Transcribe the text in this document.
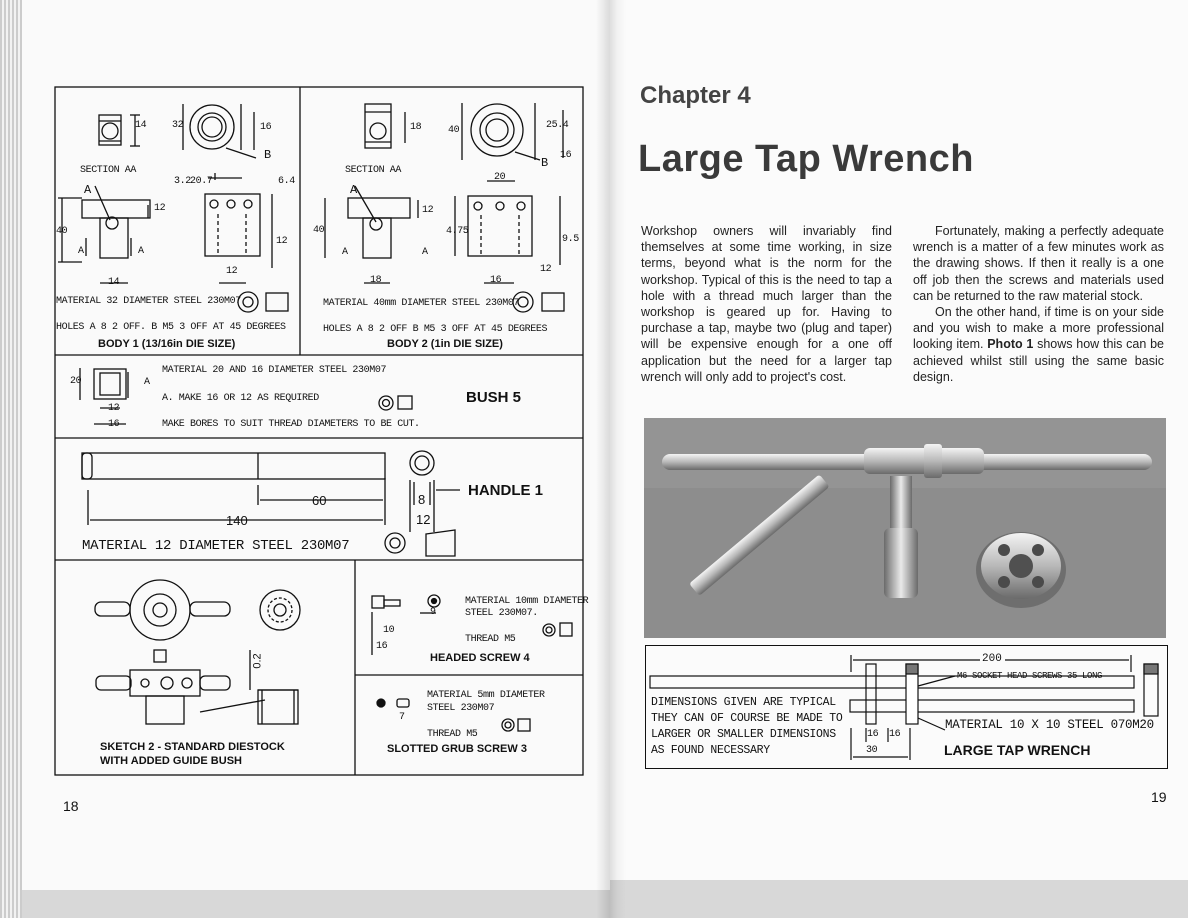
SECTION AA
20.7
14	32	16
3.2	6.4
12
40
12
14
12
B
A
A	A
MATERIAL 32 DIAMETER STEEL 230M07
HOLES A 8 2 OFF. B M5 3 OFF AT 45 DEGREES
BODY 1 (13/16in DIE SIZE)
SECTION AA
18	40	25.4
16
20
12
4.75
40
9.5
18	16
12
B
A
A	A
MATERIAL 40mm DIAMETER STEEL 230M07
HOLES A 8 2 OFF B M5 3 OFF AT 45 DEGREES
BODY 2 (1in DIE SIZE)
20
12
16
A
MATERIAL 20 AND 16 DIAMETER STEEL 230M07
A. MAKE 16 OR 12 AS REQUIRED
MAKE BORES TO SUIT THREAD DIAMETERS TO BE CUT.
BUSH 5
60
140
8
12
MATERIAL 12 DIAMETER STEEL 230M07
HANDLE 1
0.2
SKETCH 2 - STANDARD DIESTOCK
WITH ADDED GUIDE BUSH
10
9
16
MATERIAL 10mm DIAMETER
STEEL 230M07.
THREAD M5
HEADED SCREW 4
7
MATERIAL 5mm DIAMETER
STEEL 230M07
THREAD M5
SLOTTED GRUB SCREW 3
18
Chapter 4
Large Tap Wrench

Workshop owners will invariably find themselves at some time working, in size terms, beyond what is the norm for the workshop. Typical of this is the need to tap a hole with a thread much larger than the workshop is geared up for. Having to purchase a tap, maybe two (plug and taper) will be expensive enough for a one off application but the need for a larger tap wrench will only add to project's cost.

Fortunately, making a perfectly adequate wrench is a matter of a few minutes work as the drawing shows. If then it really is a one off job then the screws and materials used can be returned to the raw material stock.

On the other hand, if time is on your side and you wish to make a more professional looking item. Photo 1 shows how this can be achieved whilst still using the same basic design.

200
M6 SOCKET HEAD SCREWS 35 LONG
DIMENSIONS GIVEN ARE TYPICAL
THEY CAN OF COURSE BE MADE TO
LARGER OR SMALLER DIMENSIONS
AS FOUND NECESSARY
16 16
30
MATERIAL 10 X 10 STEEL 070M20
LARGE TAP WRENCH
19
